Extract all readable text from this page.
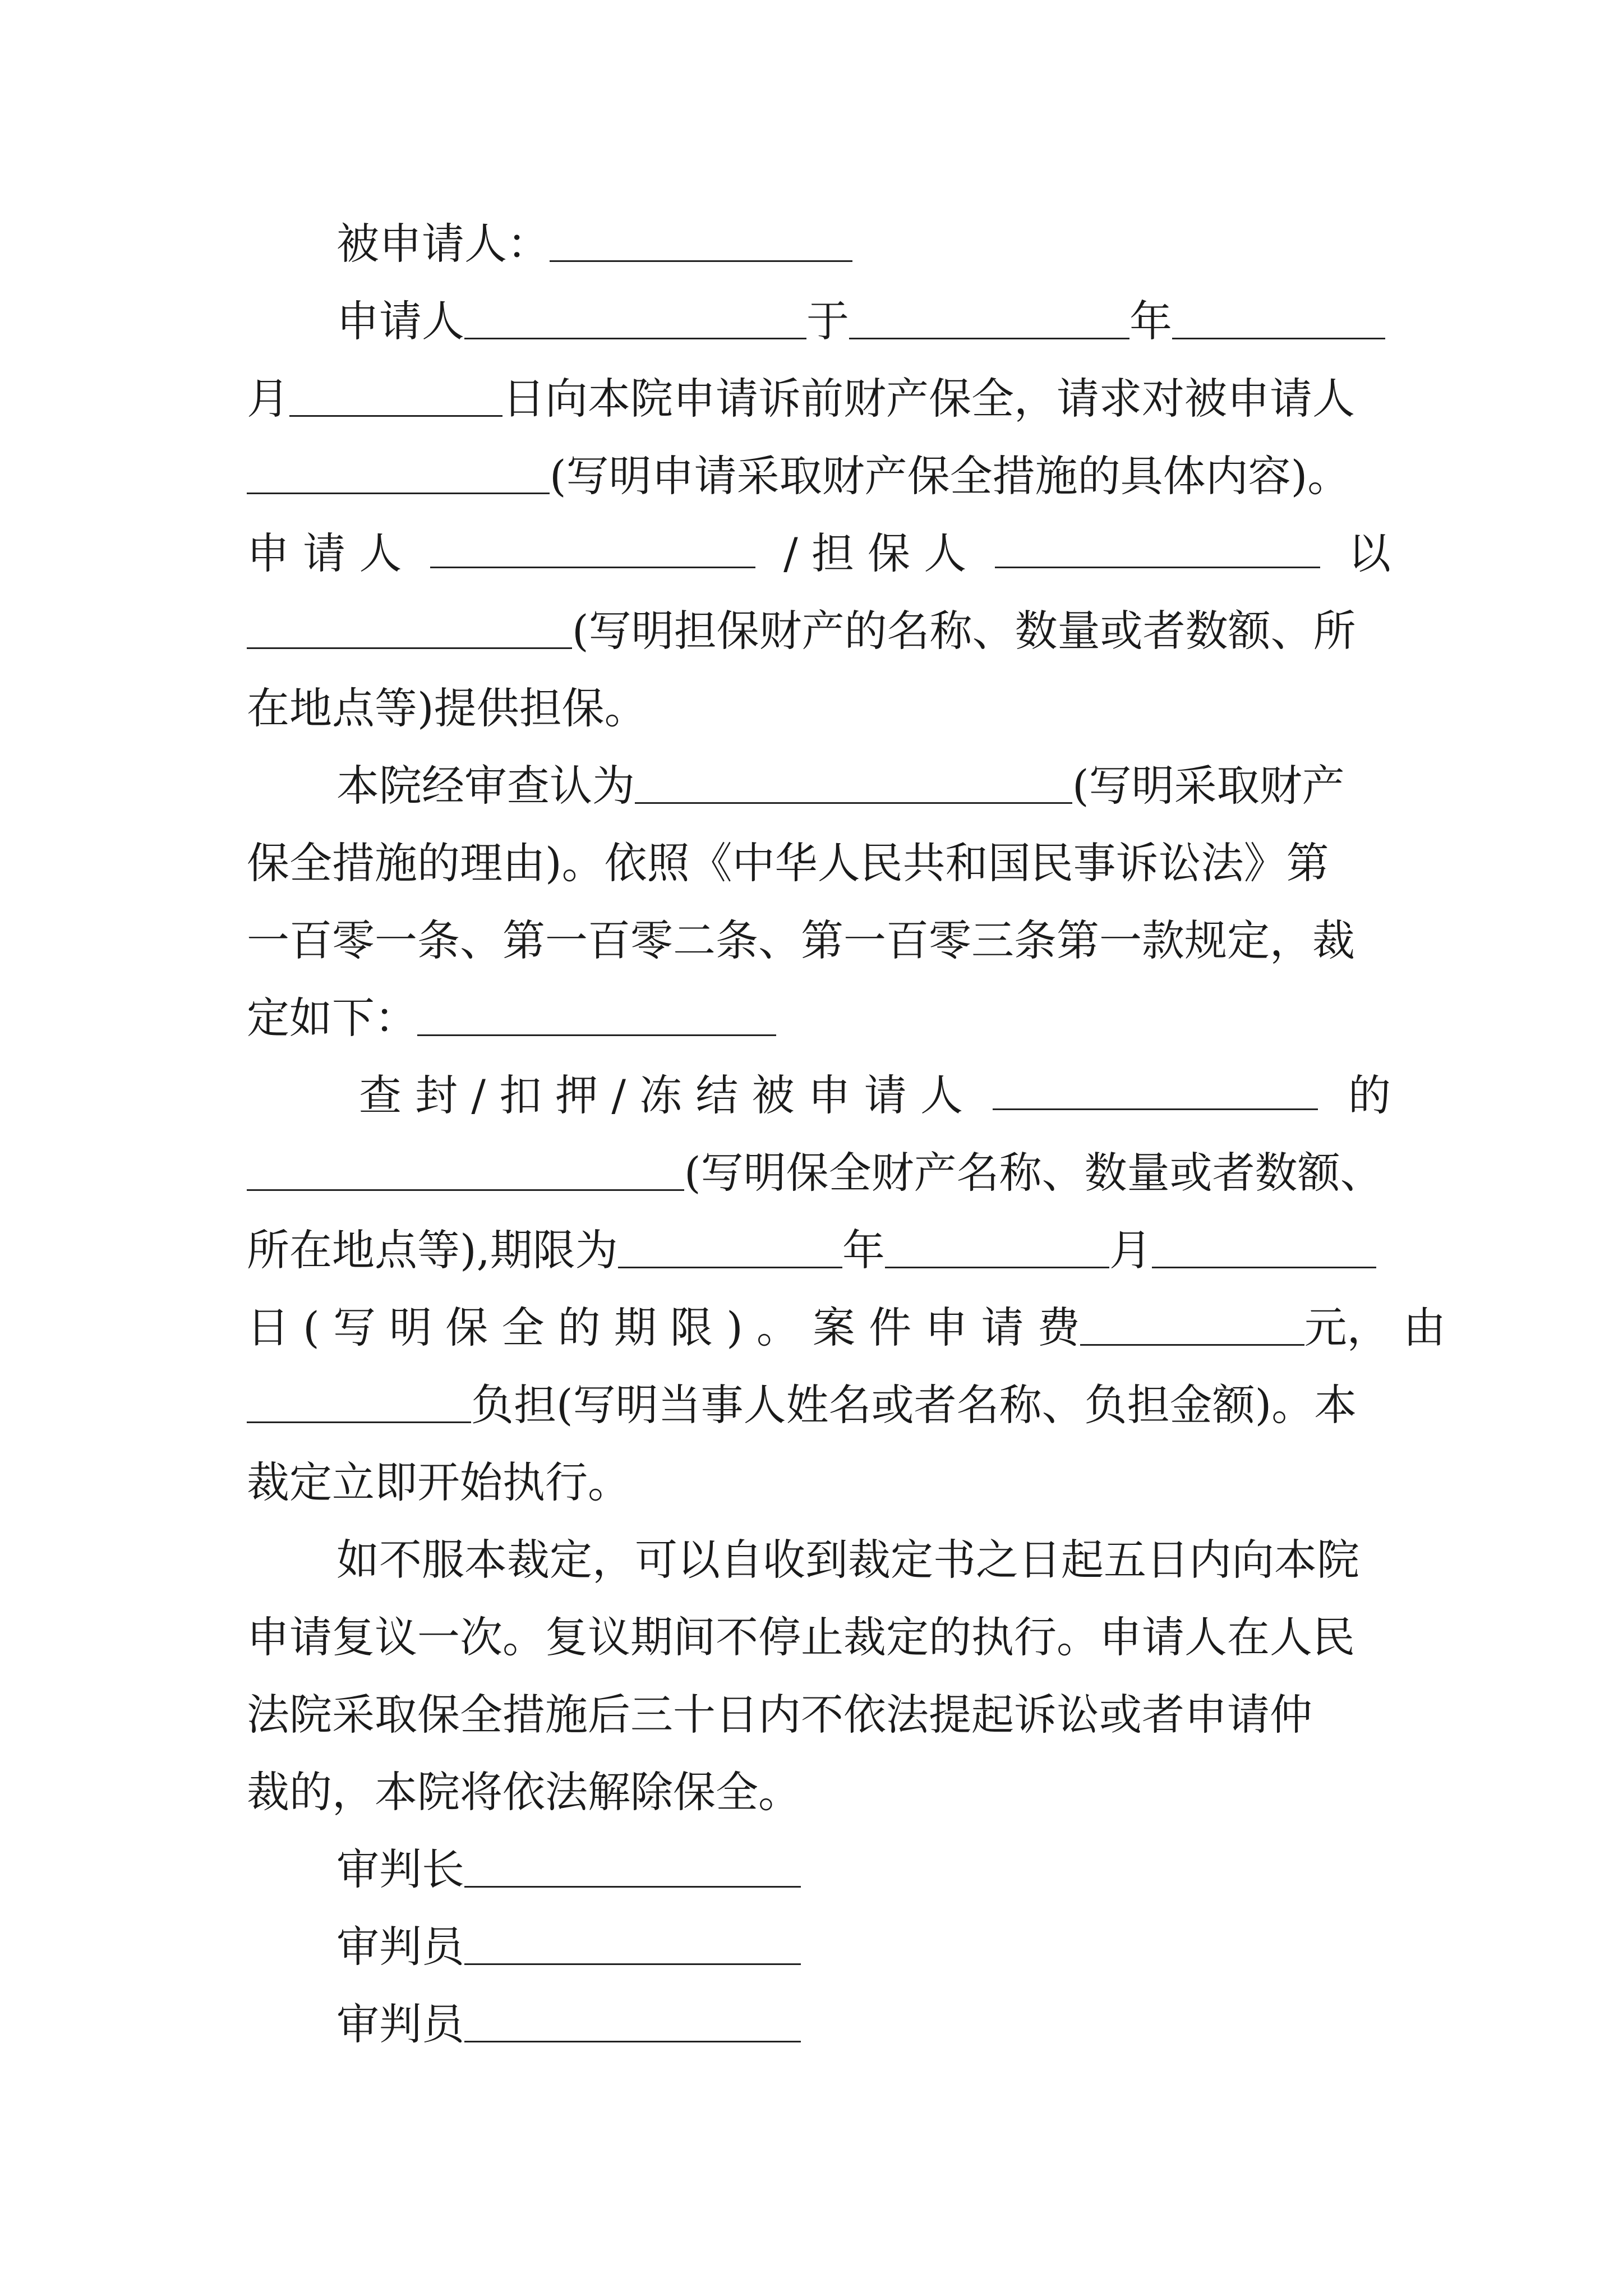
被申请人：
申请人	于	年
月	日向本院申请诉前财产保全，请求对被申请人
(写明申请采取财产保全措施的具体内容)。
申 请 人	/ 担 保 人	以
(写明担保财产的名称、数量或者数额、所
在地点等)提供担保。
本院经审查认为	(写明采取财产
保全措施的理由)。依照《中华人民共和国民事诉讼法》第
一百零一条、第一百零二条、第一百零三条第一款规定，裁
定如下：
查 封 / 扣 押 / 冻 结 被 申 请 人	的
(写明保全财产名称、数量或者数额、
所在地点等),期限为	年	月
日 ( 写 明 保 全 的 期 限 ) 。 案 件 申 请 费	元， 由
负担(写明当事人姓名或者名称、负担金额)。本
裁定立即开始执行。
如不服本裁定，可以自收到裁定书之日起五日内向本院
申请复议一次。复议期间不停止裁定的执行。申请人在人民
法院采取保全措施后三十日内不依法提起诉讼或者申请仲
裁的，本院将依法解除保全。
审判长
审判员
审判员
